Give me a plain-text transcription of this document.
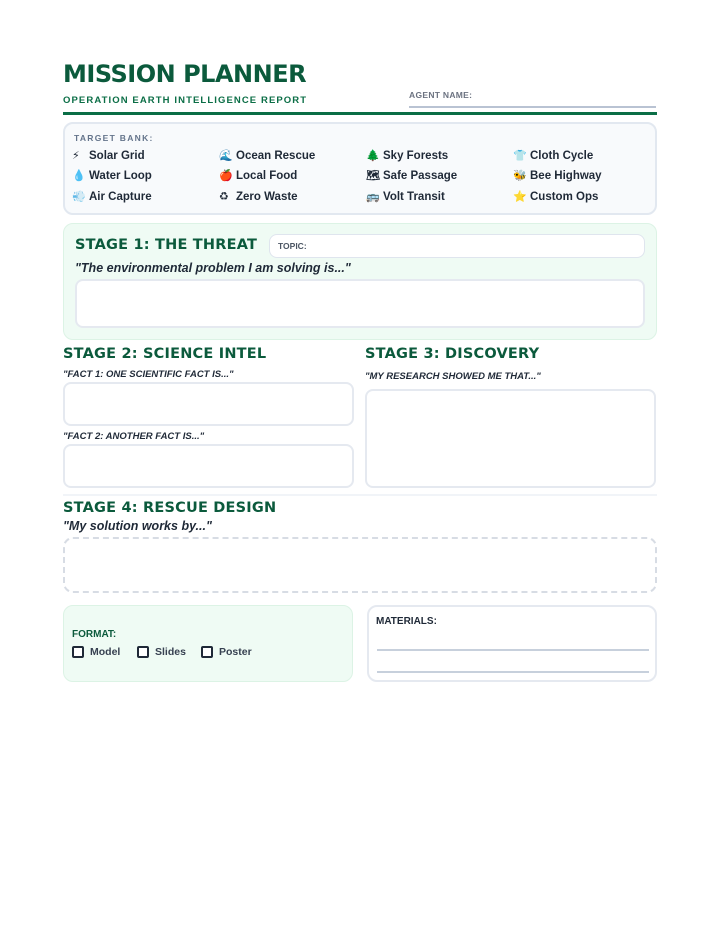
MISSION PLANNER
OPERATION EARTH INTELLIGENCE REPORT	AGENT NAME:
TARGET BANK:
⚡ Solar Grid	🌊 Ocean Rescue	🌲 Sky Forests	👕 Cloth Cycle
💧 Water Loop	🍎 Local Food	🗺 Safe Passage	🐝 Bee Highway
💨 Air Capture	♻ Zero Waste	🚌 Volt Transit	⭐ Custom Ops
STAGE 1: THE THREAT TOPIC:
"The environmental problem I am solving is..."
STAGE 2: SCIENCE INTEL
"FACT 1: ONE SCIENTIFIC FACT IS..."
"FACT 2: ANOTHER FACT IS..."
STAGE 3: DISCOVERY
"MY RESEARCH SHOWED ME THAT..."
STAGE 4: RESCUE DESIGN
"My solution works by..."
FORMAT:
Model	Slides	Poster
MATERIALS:
